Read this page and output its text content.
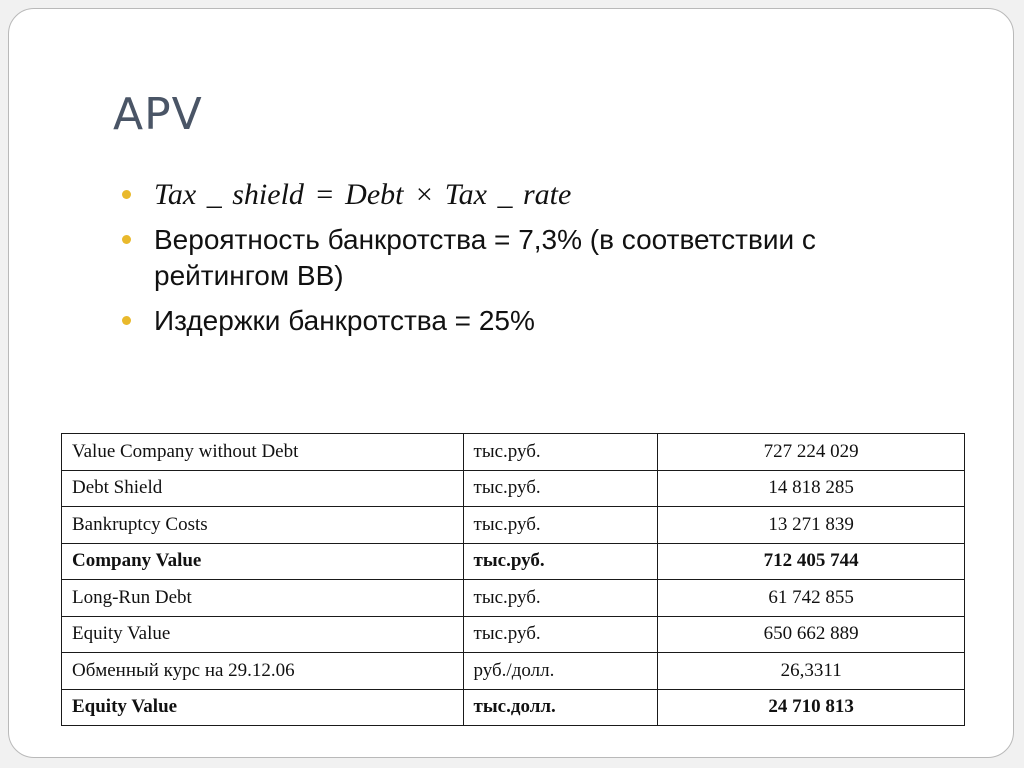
APV
Tax _ shield = Debt × Tax _ rate
Вероятность банкротства = 7,3% (в соответствии с рейтингом ВВ)
Издержки банкротства = 25%
Value Company without Debt	тыс.руб.	727 224 029
Debt Shield	тыс.руб.	14 818 285
Bankruptcy Costs	тыс.руб.	13 271 839
Company Value	тыс.руб.	712 405 744
Long-Run Debt	тыс.руб.	61 742 855
Equity Value	тыс.руб.	650 662 889
Обменный курс на 29.12.06	руб./долл.	26,3311
Equity Value	тыс.долл.	24 710 813
